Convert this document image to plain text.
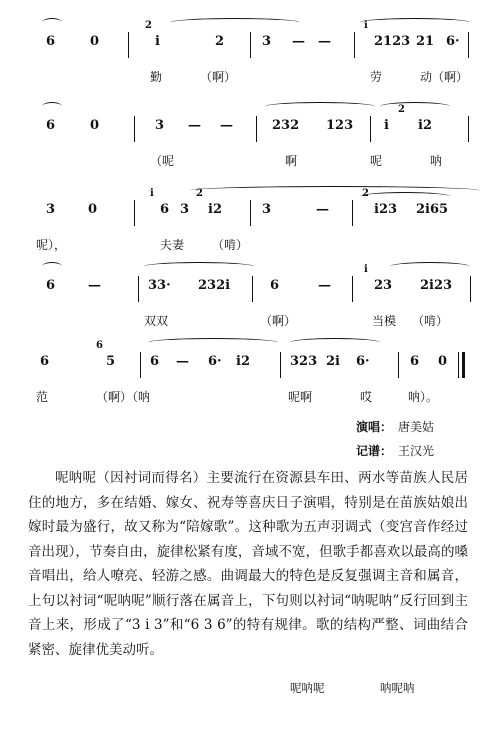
6	0
2
i	2	3 — —
i
2123 21 6·
勤	（啊）	劳	动（啊）
6	0	3 — —	232 123 i
2
i2
（呢	啊	呢	呐
3	0
i
6 3
2
i2	3	—
2
i23 2i65
呢），	夫妻 （啃）
6	—	33· 232i	6	—
i
23 2i23
双双	（啊）	当模 （啃）
6
6
5	6 — 6· i2	323 2i 6·	6 0
范	（啊）（呐	呢啊	哎	呐）。
演唱： 唐美姑
记谱： 王汉光

呢呐呢（因衬词而得名）主要流行在资源县车田、两水等苗族人民居住的地方，多在结婚、嫁女、祝寿等喜庆日子演唱，特别是在苗族姑娘出嫁时最为盛行，故又称为“陪嫁歌”。这种歌为五声羽调式（变宫音作经过音出现），节奏自由，旋律松紧有度，音域不宽，但歌手都喜欢以最高的嗓音唱出，给人嘹亮、轻游之感。曲调最大的特色是反复强调主音和属音，上句以衬词“呢呐呢”顺行落在属音上，下句则以衬词“呐呢呐”反行回到主音上来，形成了“3 i 3”和“6 3 6”的特有规律。歌的结构严整、词曲结合紧密、旋律优美动听。

呢呐呢	呐呢呐
